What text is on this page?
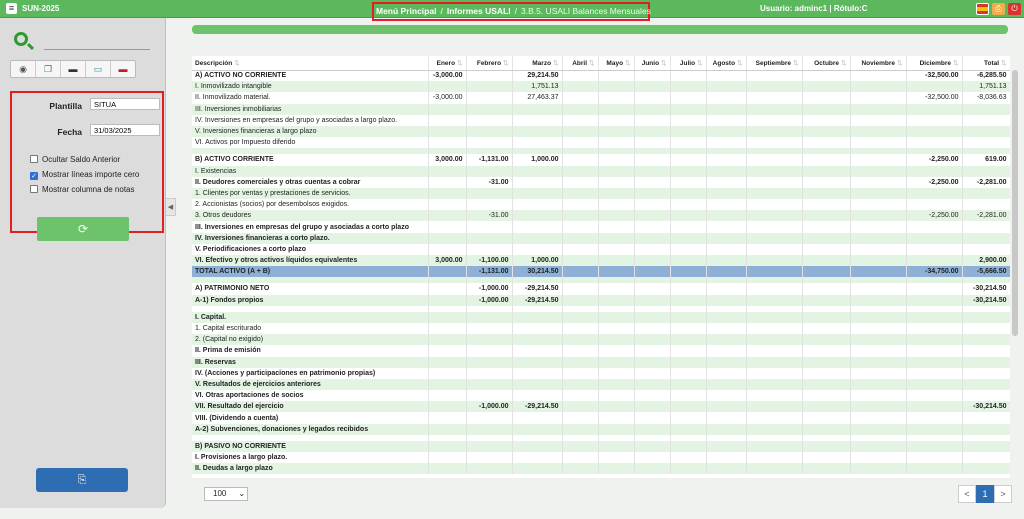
≡ SUN-2025	Menú Principal / Informes USALI / 3.B.5. USALI Balances Mensuales	Usuario: adminc1 | Rótulo:C	⎙	⏻
◉	❐	▬	▭	▬
Plantilla
SITUA
Fecha
31/03/2025
Ocultar Saldo Anterior
✓ Mostrar líneas importe cero
Mostrar columna de notas
⟳
⎘
◀
Descripción ⇅	Enero ⇅	Febrero ⇅	Marzo ⇅	Abril ⇅	Mayo ⇅	Junio ⇅	Julio ⇅	Agosto ⇅	Septiembre ⇅	Octubre ⇅	Noviembre ⇅	Diciembre ⇅	Total ⇅
A) ACTIVO NO CORRIENTE	-3,000.00		29,214.50									-32,500.00	-6,285.50
I. Inmovilizado intangible			1,751.13										1,751.13
II. Inmovilizado material.	-3,000.00		27,463.37									-32,500.00	-8,036.63
III. Inversiones inmobiliarias													
IV. Inversiones en empresas del grupo y asociadas a largo plazo.													
V. Inversiones financieras a largo plazo													
VI. Activos por Impuesto diferido													

B) ACTIVO CORRIENTE	3,000.00	-1,131.00	1,000.00									-2,250.00	619.00
I. Existencias													
II. Deudores comerciales y otras cuentas a cobrar		-31.00										-2,250.00	-2,281.00
1. Clientes por ventas y prestaciones de servicios.													
2. Accionistas (socios) por desembolsos exigidos.													
3. Otros deudores		-31.00										-2,250.00	-2,281.00
III. Inversiones en empresas del grupo y asociadas a corto plazo													
IV. Inversiones financieras a corto plazo.													
V. Periodificaciones a corto plazo													
VI. Efectivo y otros activos líquidos equivalentes	3,000.00	-1,100.00	1,000.00										2,900.00
TOTAL ACTIVO (A + B)		-1,131.00	30,214.50									-34,750.00	-5,666.50

A) PATRIMONIO NETO		-1,000.00	-29,214.50										-30,214.50
A-1) Fondos propios		-1,000.00	-29,214.50										-30,214.50

I. Capital.													
1. Capital escriturado													
2. (Capital no exigido)													
II. Prima de emisión													
III. Reservas													
IV. (Acciones y participaciones en patrimonio propias)													
V. Resultados de ejercicios anteriores													
VI. Otras aportaciones de socios													
VII. Resultado del ejercicio		-1,000.00	-29,214.50										-30,214.50
VIII. (Dividendo a cuenta)													
A-2) Subvenciones, donaciones y legados recibidos													

B) PASIVO NO CORRIENTE													
I. Provisiones a largo plazo.													
II. Deudas a largo plazo													
100 ⌄	<	1	>
